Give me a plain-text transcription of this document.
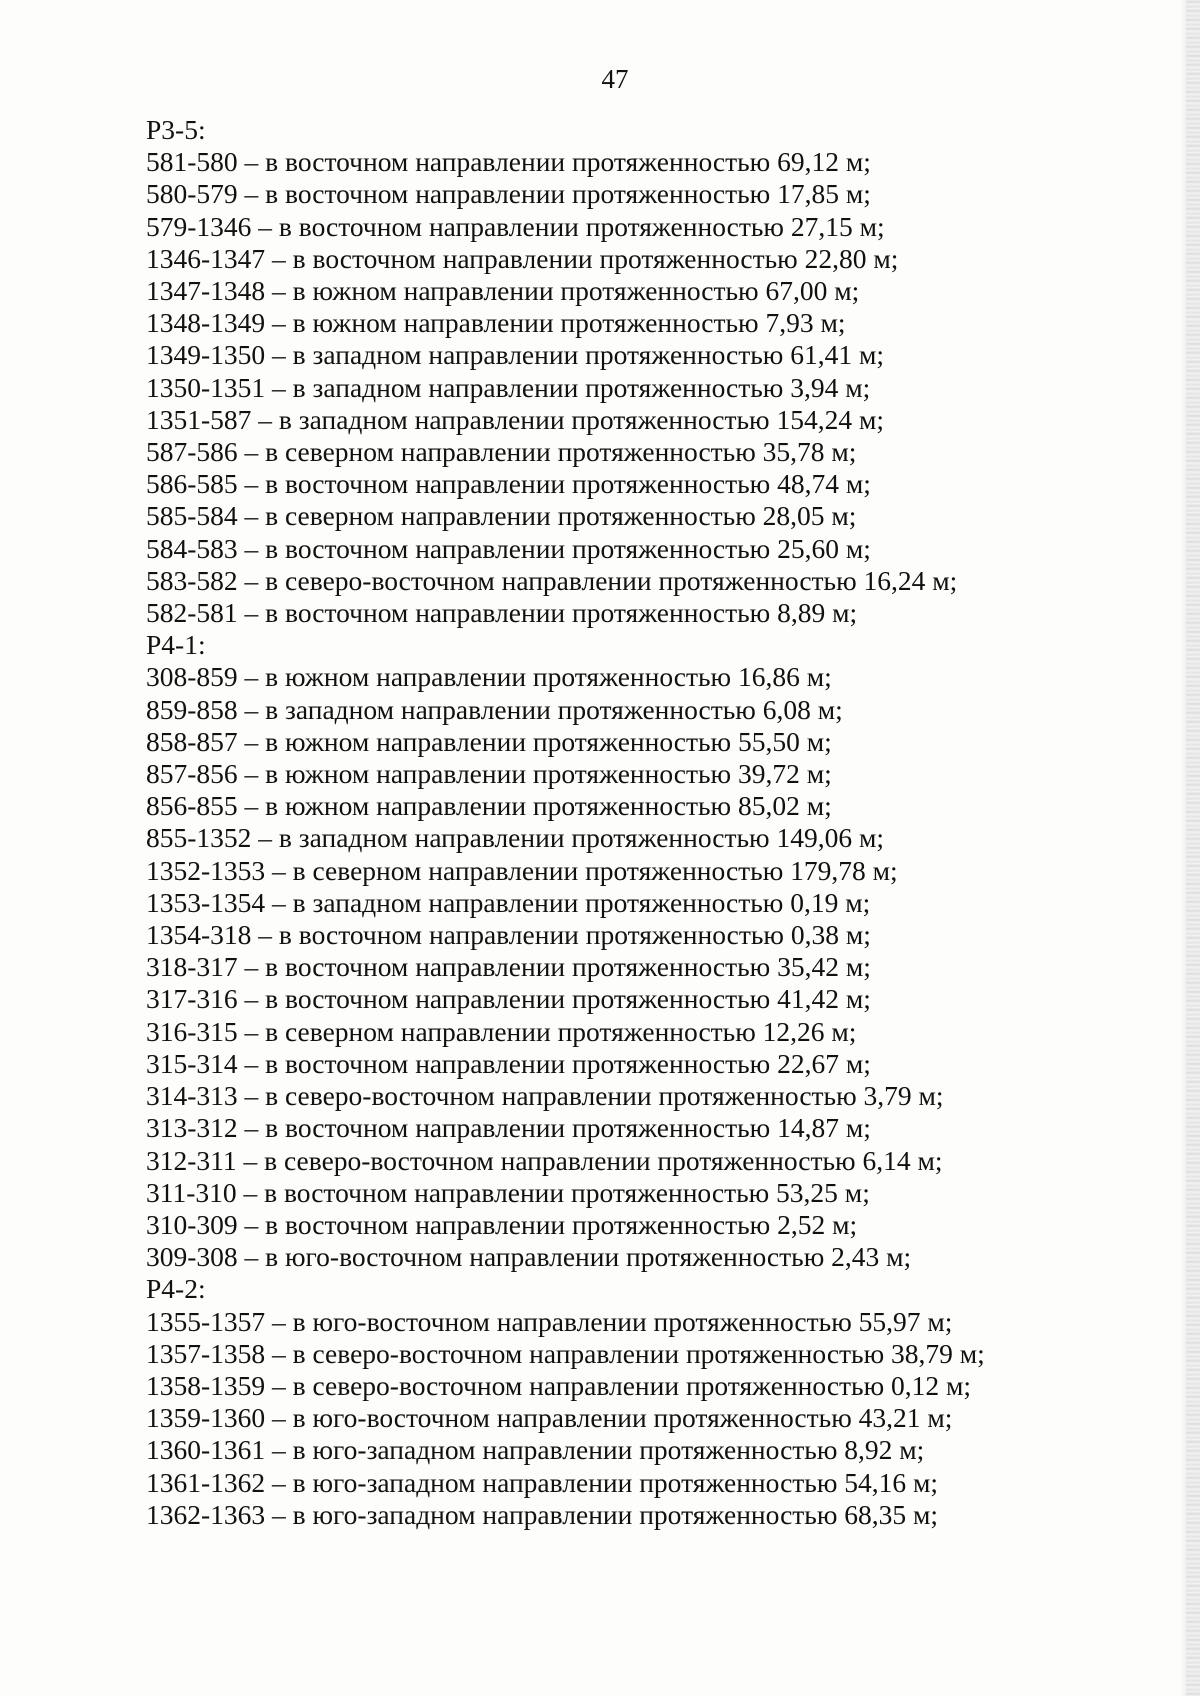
47
Р3-5:
581-580 – в восточном направлении протяженностью 69,12 м;
580-579 – в восточном направлении протяженностью 17,85 м;
579-1346 – в восточном направлении протяженностью 27,15 м;
1346-1347 – в восточном направлении протяженностью 22,80 м;
1347-1348 – в южном направлении протяженностью 67,00 м;
1348-1349 – в южном направлении протяженностью 7,93 м;
1349-1350 – в западном направлении протяженностью 61,41 м;
1350-1351 – в западном направлении протяженностью 3,94 м;
1351-587 – в западном направлении протяженностью 154,24 м;
587-586 – в северном направлении протяженностью 35,78 м;
586-585 – в восточном направлении протяженностью 48,74 м;
585-584 – в северном направлении протяженностью 28,05 м;
584-583 – в восточном направлении протяженностью 25,60 м;
583-582 – в северо-восточном направлении протяженностью 16,24 м;
582-581 – в восточном направлении протяженностью 8,89 м;
Р4-1:
308-859 – в южном направлении протяженностью 16,86 м;
859-858 – в западном направлении протяженностью 6,08 м;
858-857 – в южном направлении протяженностью 55,50 м;
857-856 – в южном направлении протяженностью 39,72 м;
856-855 – в южном направлении протяженностью 85,02 м;
855-1352 – в западном направлении протяженностью 149,06 м;
1352-1353 – в северном направлении протяженностью 179,78 м;
1353-1354 – в западном направлении протяженностью 0,19 м;
1354-318 – в восточном направлении протяженностью 0,38 м;
318-317 – в восточном направлении протяженностью 35,42 м;
317-316 – в восточном направлении протяженностью 41,42 м;
316-315 – в северном направлении протяженностью 12,26 м;
315-314 – в восточном направлении протяженностью 22,67 м;
314-313 – в северо-восточном направлении протяженностью 3,79 м;
313-312 – в восточном направлении протяженностью 14,87 м;
312-311 – в северо-восточном направлении протяженностью 6,14 м;
311-310 – в восточном направлении протяженностью 53,25 м;
310-309 – в восточном направлении протяженностью 2,52 м;
309-308 – в юго-восточном направлении протяженностью 2,43 м;
Р4-2:
1355-1357 – в юго-восточном направлении протяженностью 55,97 м;
1357-1358 – в северо-восточном направлении протяженностью 38,79 м;
1358-1359 – в северо-восточном направлении протяженностью 0,12 м;
1359-1360 – в юго-восточном направлении протяженностью 43,21 м;
1360-1361 – в юго-западном направлении протяженностью 8,92 м;
1361-1362 – в юго-западном направлении протяженностью 54,16 м;
1362-1363 – в юго-западном направлении протяженностью 68,35 м;
